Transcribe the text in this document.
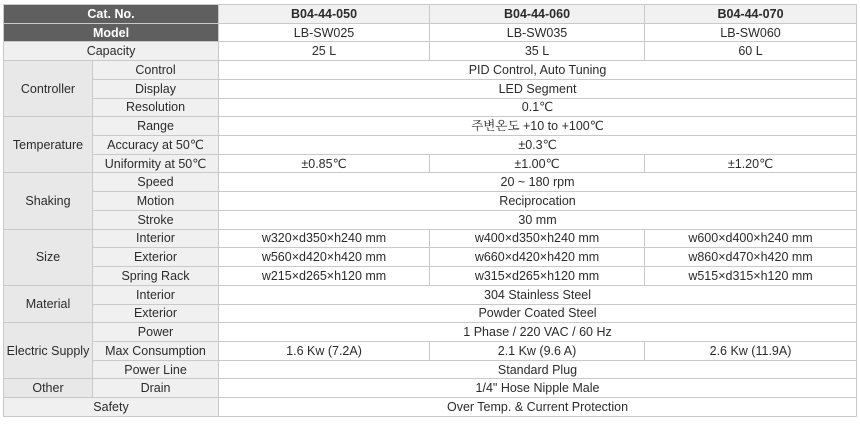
Cat. No.		B04-44-050	B04-44-060	B04-44-070
Model		LB-SW025	LB-SW035	LB-SW060
Capacity		25 L	35 L	60 L
Controller	Control	PID Control, Auto Tuning		
	Display	LED Segment		
	Resolution	0.1℃		
Temperature	Range	주변온도 +10 to +100℃		
	Accuracy at 50℃	±0.3℃		
	Uniformity at 50℃	±0.85℃	±1.00℃	±1.20℃
Shaking	Speed	20 ~ 180 rpm		
	Motion	Reciprocation		
	Stroke	30 mm		
Size	Interior	w320×d350×h240 mm	w400×d350×h240 mm	w600×d400×h240 mm
	Exterior	w560×d420×h420 mm	w660×d420×h420 mm	w860×d470×h420 mm
	Spring Rack	w215×d265×h120 mm	w315×d265×h120 mm	w515×d315×h120 mm
Material	Interior	304 Stainless Steel		
	Exterior	Powder Coated Steel		
Electric Supply	Power	1 Phase / 220 VAC / 60 Hz		
	Max Consumption	1.6 Kw (7.2A)	2.1 Kw (9.6 A)	2.6 Kw (11.9A)
	Power Line	Standard Plug		
Other	Drain	1/4" Hose Nipple Male		
Safety		Over Temp. & Current Protection		
